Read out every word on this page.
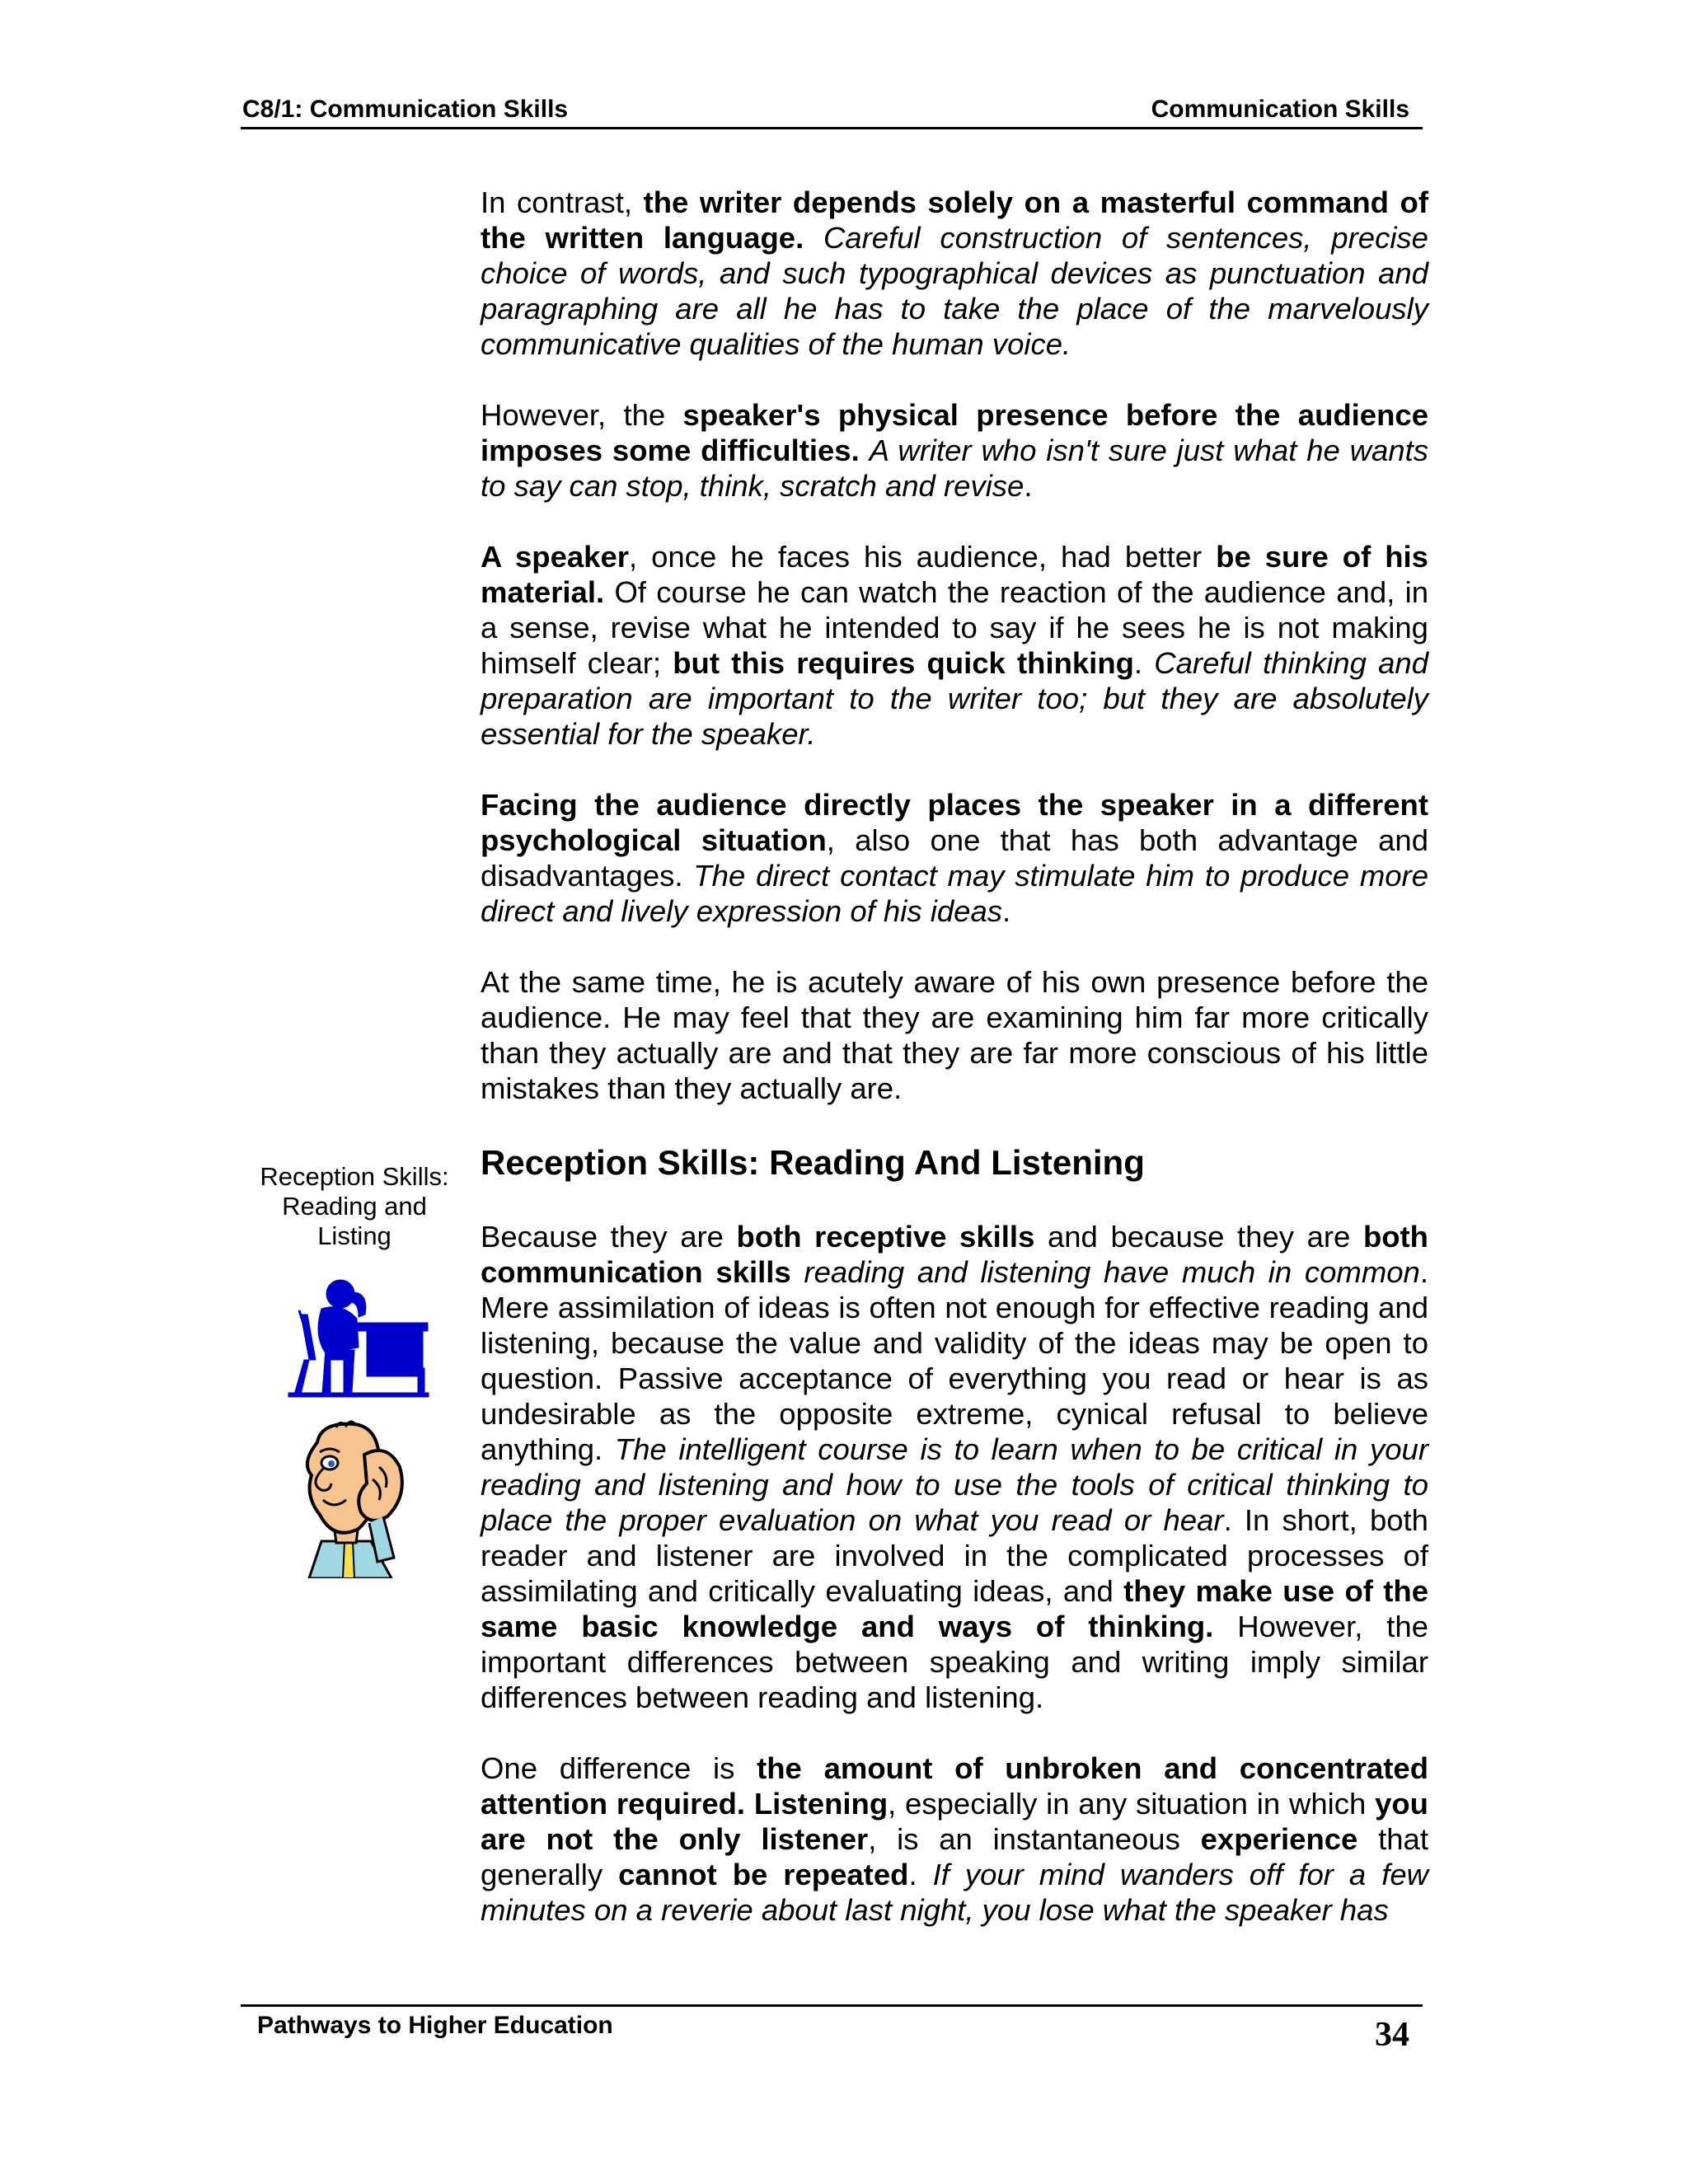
C8/1: Communication Skills	Communication Skills

In contrast, the writer depends solely on a masterful command of the written language. Careful construction of sentences, precise choice of words, and such typographical devices as punctuation and paragraphing are all he has to take the place of the marvelously communicative qualities of the human voice.

However, the speaker's physical presence before the audience imposes some difficulties. A writer who isn't sure just what he wants to say can stop, think, scratch and revise.

A speaker, once he faces his audience, had better be sure of his material. Of course he can watch the reaction of the audience and, in a sense, revise what he intended to say if he sees he is not making himself clear; but this requires quick thinking. Careful thinking and preparation are important to the writer too; but they are absolutely essential for the speaker.

Facing the audience directly places the speaker in a different psychological situation, also one that has both advantage and disadvantages. The direct contact may stimulate him to produce more direct and lively expression of his ideas.

At the same time, he is acutely aware of his own presence before the audience. He may feel that they are examining him far more critically than they actually are and that they are far more conscious of his little mistakes than they actually are.

Reception Skills: Reading And Listening

Because they are both receptive skills and because they are both communication skills reading and listening have much in common. Mere assimilation of ideas is often not enough for effective reading and listening, because the value and validity of the ideas may be open to question. Passive acceptance of everything you read or hear is as undesirable as the opposite extreme, cynical refusal to believe anything. The intelligent course is to learn when to be critical in your reading and listening and how to use the tools of critical thinking to place the proper evaluation on what you read or hear. In short, both reader and listener are involved in the complicated processes of assimilating and critically evaluating ideas, and they make use of the same basic knowledge and ways of thinking. However, the important differences between speaking and writing imply similar differences between reading and listening.

One difference is the amount of unbroken and concentrated attention required. Listening, especially in any situation in which you are not the only listener, is an instantaneous experience that generally cannot be repeated. If your mind wanders off for a few minutes on a reverie about last night, you lose what the speaker has

Reception Skills:
Reading and
Listing
Pathways to Higher Education	34
